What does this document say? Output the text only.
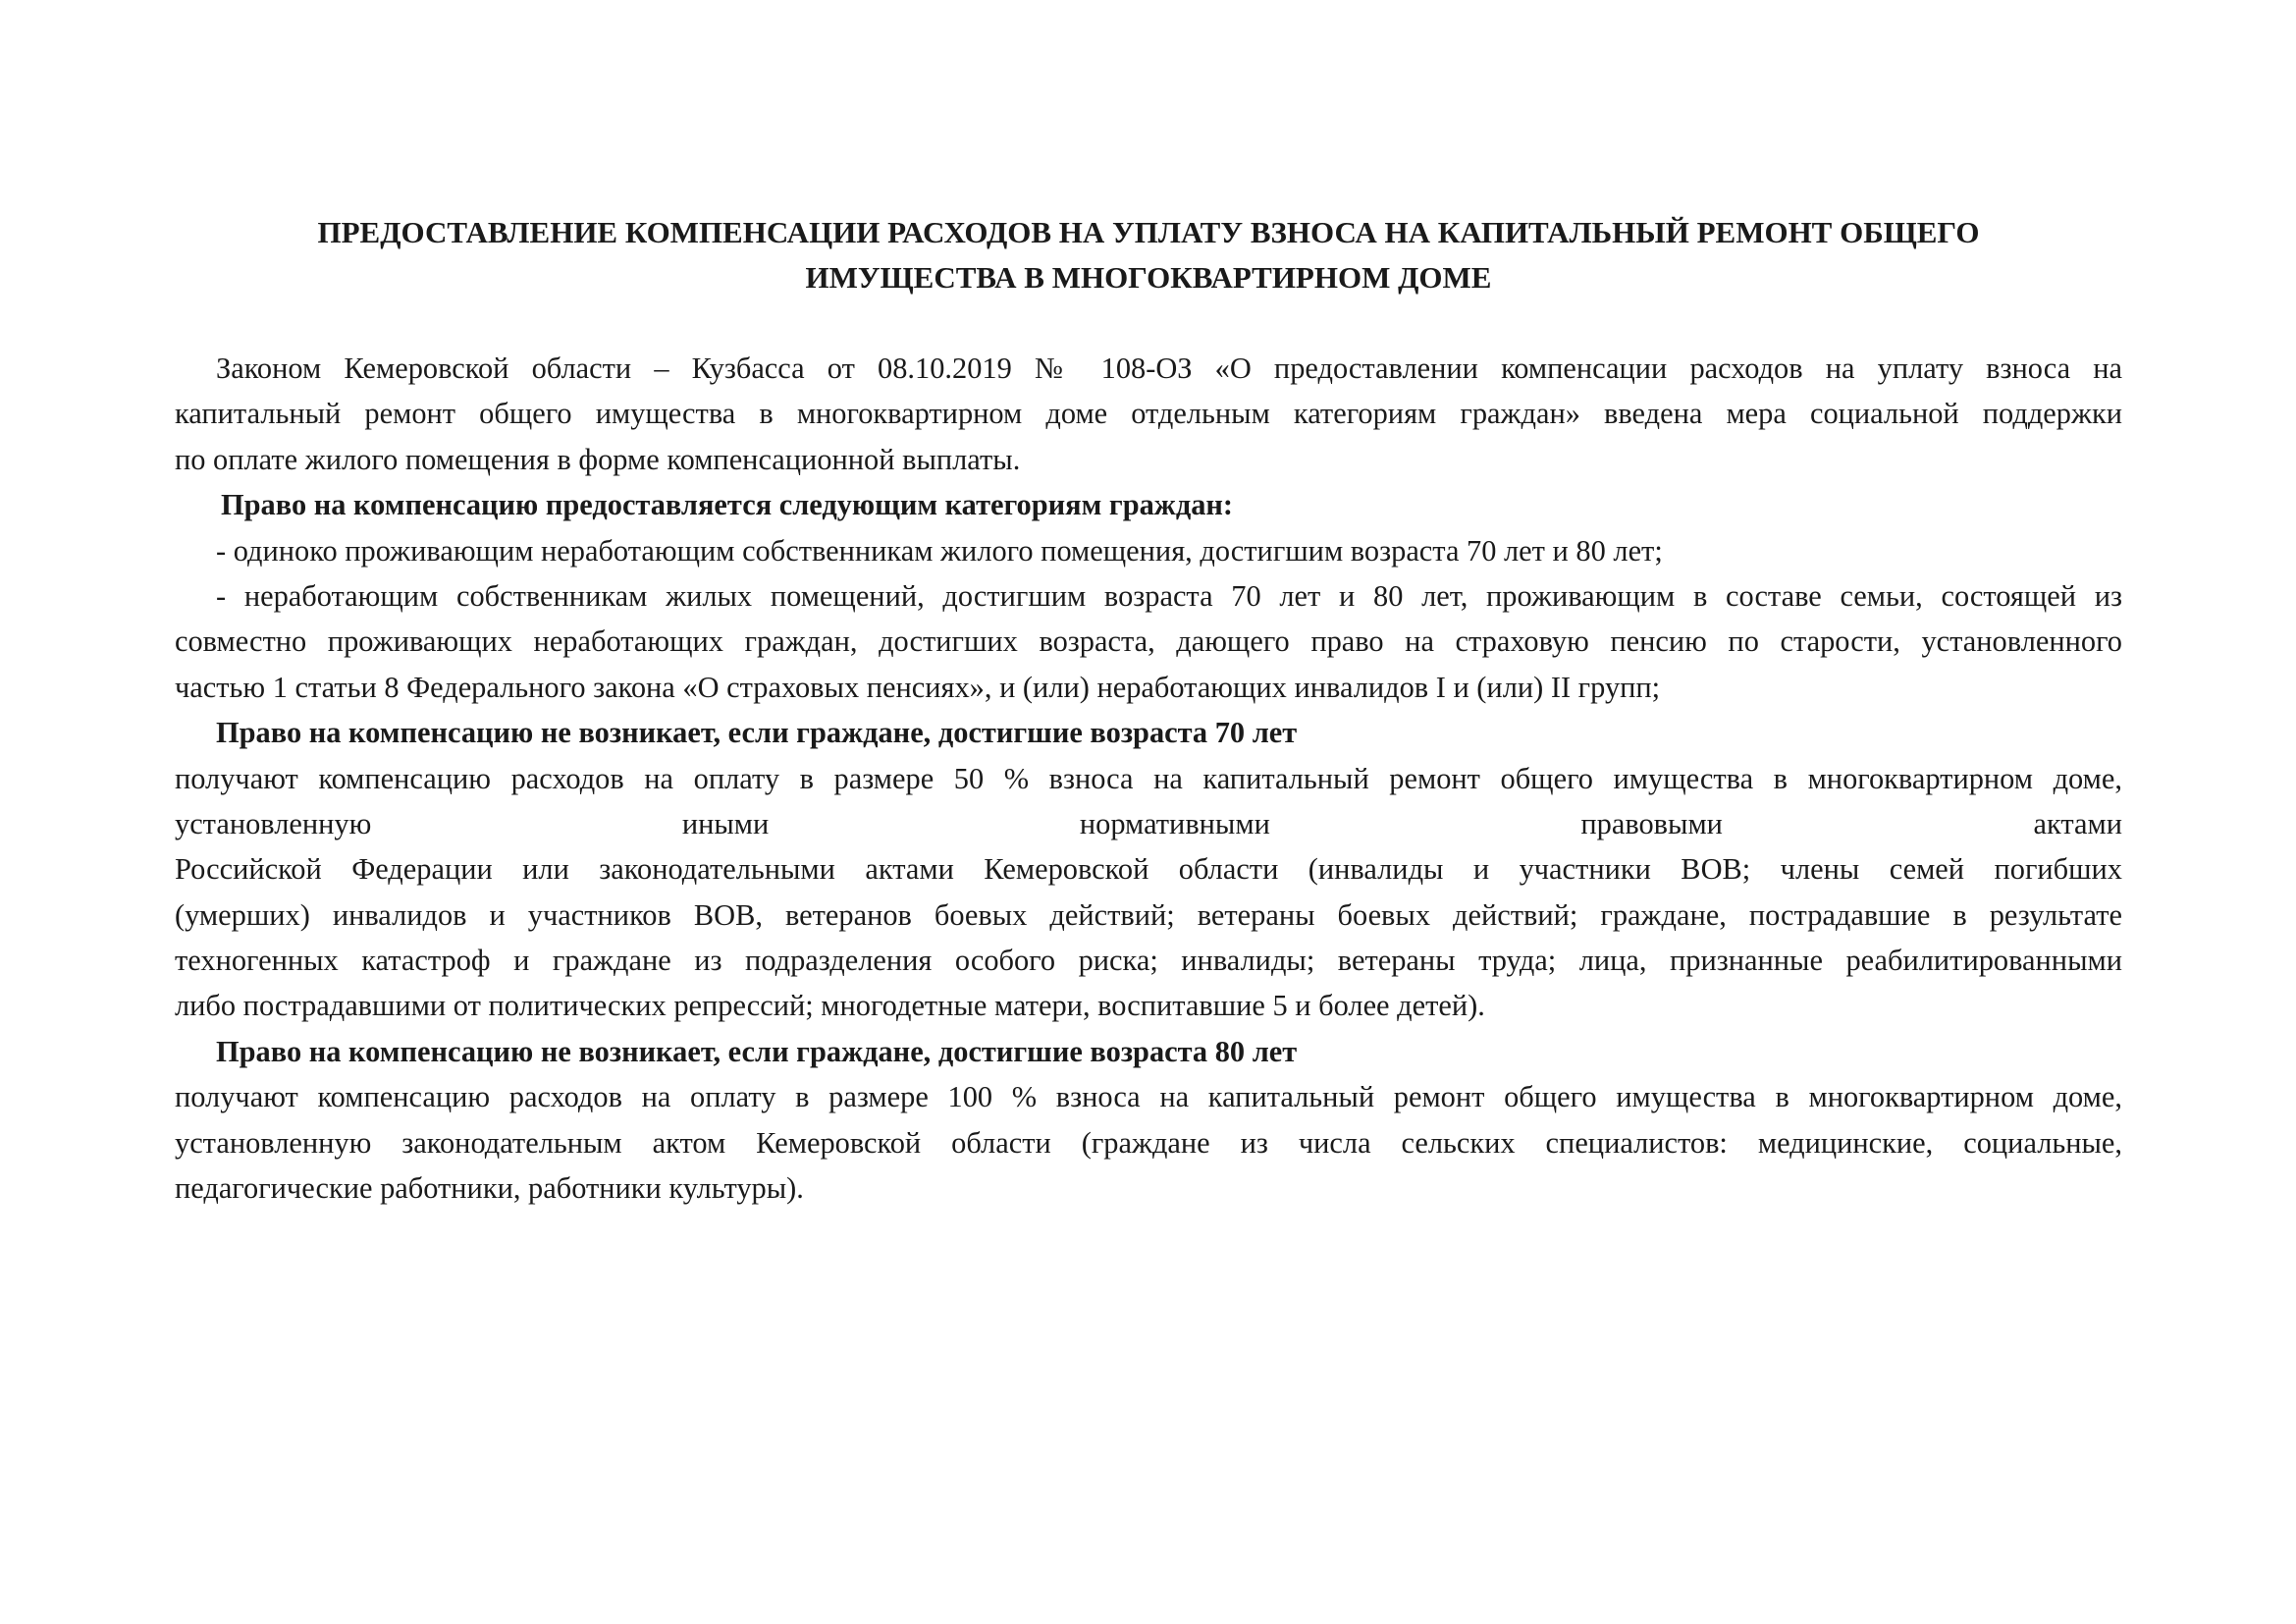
ПРЕДОСТАВЛЕНИЕ КОМПЕНСАЦИИ РАСХОДОВ НА УПЛАТУ ВЗНОСА НА КАПИТАЛЬНЫЙ РЕМОНТ ОБЩЕГО
ИМУЩЕСТВА В МНОГОКВАРТИРНОМ ДОМЕ
Законом Кемеровской области – Кузбасса от 08.10.2019 № 108-ОЗ «О предоставлении компенсации расходов на уплату взноса на
капитальный ремонт общего имущества в многоквартирном доме отдельным категориям граждан» введена мера социальной поддержки
по оплате жилого помещения в форме компенсационной выплаты.
Право на компенсацию предоставляется следующим категориям граждан:
- одиноко проживающим неработающим собственникам жилого помещения, достигшим возраста 70 лет и 80 лет;
- неработающим собственникам жилых помещений, достигшим возраста 70 лет и 80 лет, проживающим в составе семьи, состоящей из
совместно проживающих неработающих граждан, достигших возраста, дающего право на страховую пенсию по старости, установленного
частью 1 статьи 8 Федерального закона «О страховых пенсиях», и (или) неработающих инвалидов I и (или) II групп;
Право на компенсацию не возникает, если граждане, достигшие возраста 70 лет
получают компенсацию расходов на оплату в размере 50 % взноса на капитальный ремонт общего имущества в многоквартирном доме,
установленную иными нормативными правовыми актами
Российской Федерации или законодательными актами Кемеровской области (инвалиды и участники ВОВ; члены семей погибших
(умерших) инвалидов и участников ВОВ, ветеранов боевых действий; ветераны боевых действий; граждане, пострадавшие в результате
техногенных катастроф и граждане из подразделения особого риска; инвалиды; ветераны труда; лица, признанные реабилитированными
либо пострадавшими от политических репрессий; многодетные матери, воспитавшие 5 и более детей).
Право на компенсацию не возникает, если граждане, достигшие возраста 80 лет
получают компенсацию расходов на оплату в размере 100 % взноса на капитальный ремонт общего имущества в многоквартирном доме,
установленную законодательным актом Кемеровской области (граждане из числа сельских специалистов: медицинские, социальные,
педагогические работники, работники культуры).
